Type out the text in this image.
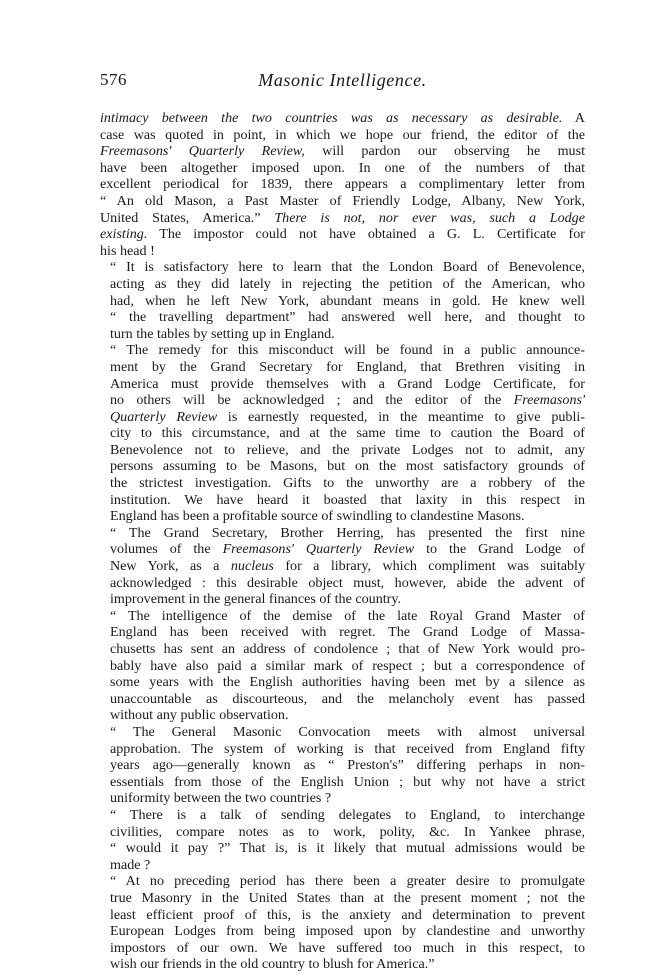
576	Masonic Intelligence.

intimacy between the two countries was as necessary as desirable. A
case was quoted in point, in which we hope our friend, the editor of the
Freemasons' Quarterly Review, will pardon our observing he must
have been altogether imposed upon. In one of the numbers of that
excellent periodical for 1839, there appears a complimentary letter from
“ An old Mason, a Past Master of Friendly Lodge, Albany, New York,
United States, America.” There is not, nor ever was, such a Lodge
existing. The impostor could not have obtained a G. L. Certificate for
his head !

“ It is satisfactory here to learn that the London Board of Benevolence,
acting as they did lately in rejecting the petition of the American, who
had, when he left New York, abundant means in gold. He knew well
“ the travelling department” had answered well here, and thought to
turn the tables by setting up in England.

“ The remedy for this misconduct will be found in a public announce-
ment by the Grand Secretary for England, that Brethren visiting in
America must provide themselves with a Grand Lodge Certificate, for
no others will be acknowledged ; and the editor of the Freemasons'
Quarterly Review is earnestly requested, in the meantime to give publi-
city to this circumstance, and at the same time to caution the Board of
Benevolence not to relieve, and the private Lodges not to admit, any
persons assuming to be Masons, but on the most satisfactory grounds of
the strictest investigation. Gifts to the unworthy are a robbery of the
institution. We have heard it boasted that laxity in this respect in
England has been a profitable source of swindling to clandestine Masons.

“ The Grand Secretary, Brother Herring, has presented the first nine
volumes of the Freemasons' Quarterly Review to the Grand Lodge of
New York, as a nucleus for a library, which compliment was suitably
acknowledged : this desirable object must, however, abide the advent of
improvement in the general finances of the country.

“ The intelligence of the demise of the late Royal Grand Master of
England has been received with regret. The Grand Lodge of Massa-
chusetts has sent an address of condolence ; that of New York would pro-
bably have also paid a similar mark of respect ; but a correspondence of
some years with the English authorities having been met by a silence as
unaccountable as discourteous, and the melancholy event has passed
without any public observation.

“ The General Masonic Convocation meets with almost universal
approbation. The system of working is that received from England fifty
years ago—generally known as “ Preston's” differing perhaps in non-
essentials from those of the English Union ; but why not have a strict
uniformity between the two countries ?

“ There is a talk of sending delegates to England, to interchange
civilities, compare notes as to work, polity, &c. In Yankee phrase,
“ would it pay ?” That is, is it likely that mutual admissions would be
made ?

“ At no preceding period has there been a greater desire to promulgate
true Masonry in the United States than at the present moment ; not the
least efficient proof of this, is the anxiety and determination to prevent
European Lodges from being imposed upon by clandestine and unworthy
impostors of our own. We have suffered too much in this respect, to
wish our friends in the old country to blush for America.”
